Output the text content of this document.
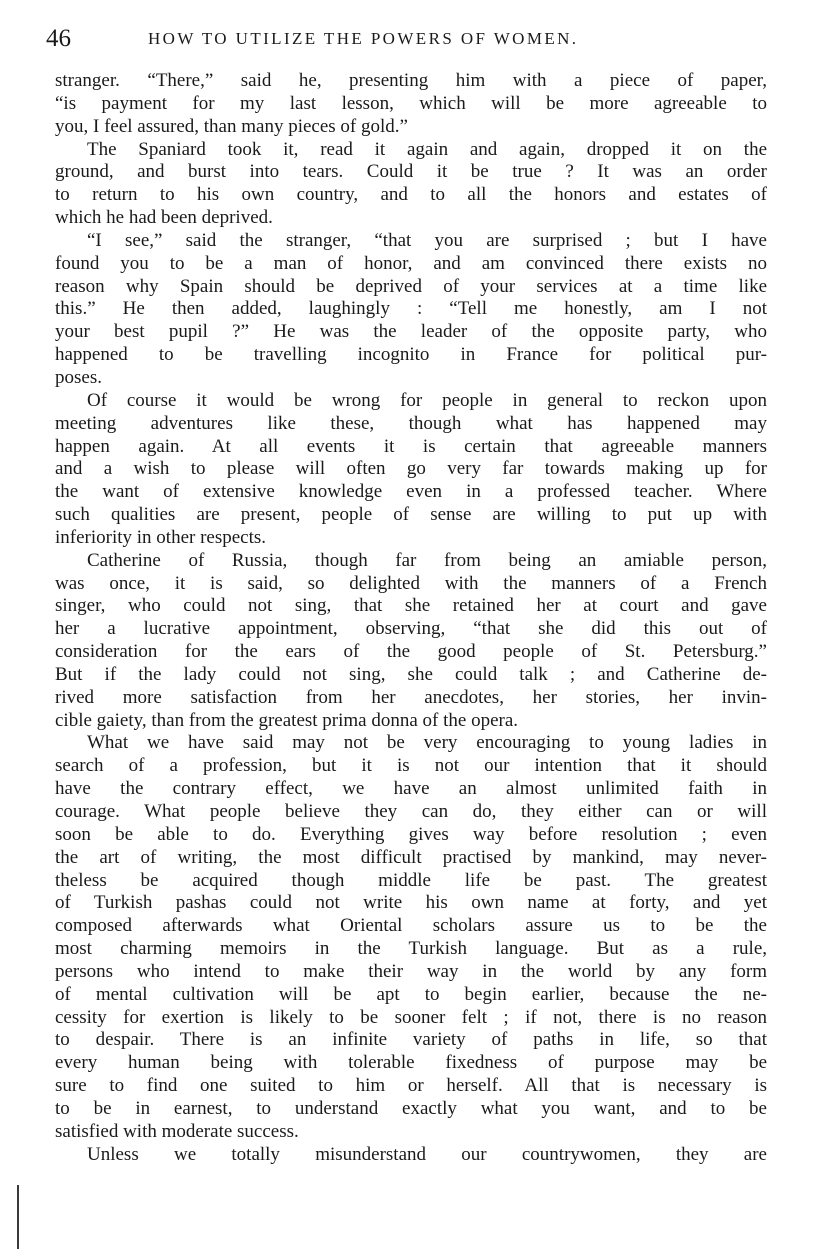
46	HOW TO UTILIZE THE POWERS OF WOMEN.
stranger. “There,” said he, presenting him with a piece of paper,
“is payment for my last lesson, which will be more agreeable to
you, I feel assured, than many pieces of gold.”
The Spaniard took it, read it again and again, dropped it on the
ground, and burst into tears. Could it be true ? It was an order
to return to his own country, and to all the honors and estates of
which he had been deprived.
“I see,” said the stranger, “that you are surprised ; but I have
found you to be a man of honor, and am convinced there exists no
reason why Spain should be deprived of your services at a time like
this.” He then added, laughingly : “Tell me honestly, am I not
your best pupil ?” He was the leader of the opposite party, who
happened to be travelling incognito in France for political pur-
poses.
Of course it would be wrong for people in general to reckon upon
meeting adventures like these, though what has happened may
happen again. At all events it is certain that agreeable manners
and a wish to please will often go very far towards making up for
the want of extensive knowledge even in a professed teacher. Where
such qualities are present, people of sense are willing to put up with
inferiority in other respects.
Catherine of Russia, though far from being an amiable person,
was once, it is said, so delighted with the manners of a French
singer, who could not sing, that she retained her at court and gave
her a lucrative appointment, observing, “that she did this out of
consideration for the ears of the good people of St. Petersburg.”
But if the lady could not sing, she could talk ; and Catherine de-
rived more satisfaction from her anecdotes, her stories, her invin-
cible gaiety, than from the greatest prima donna of the opera.
What we have said may not be very encouraging to young ladies in
search of a profession, but it is not our intention that it should
have the contrary effect, we have an almost unlimited faith in
courage. What people believe they can do, they either can or will
soon be able to do. Everything gives way before resolution ; even
the art of writing, the most difficult practised by mankind, may never-
theless be acquired though middle life be past. The greatest
of Turkish pashas could not write his own name at forty, and yet
composed afterwards what Oriental scholars assure us to be the
most charming memoirs in the Turkish language. But as a rule,
persons who intend to make their way in the world by any form
of mental cultivation will be apt to begin earlier, because the ne-
cessity for exertion is likely to be sooner felt ; if not, there is no reason
to despair. There is an infinite variety of paths in life, so that
every human being with tolerable fixedness of purpose may be
sure to find one suited to him or herself. All that is necessary is
to be in earnest, to understand exactly what you want, and to be
satisfied with moderate success.
Unless we totally misunderstand our countrywomen, they are
